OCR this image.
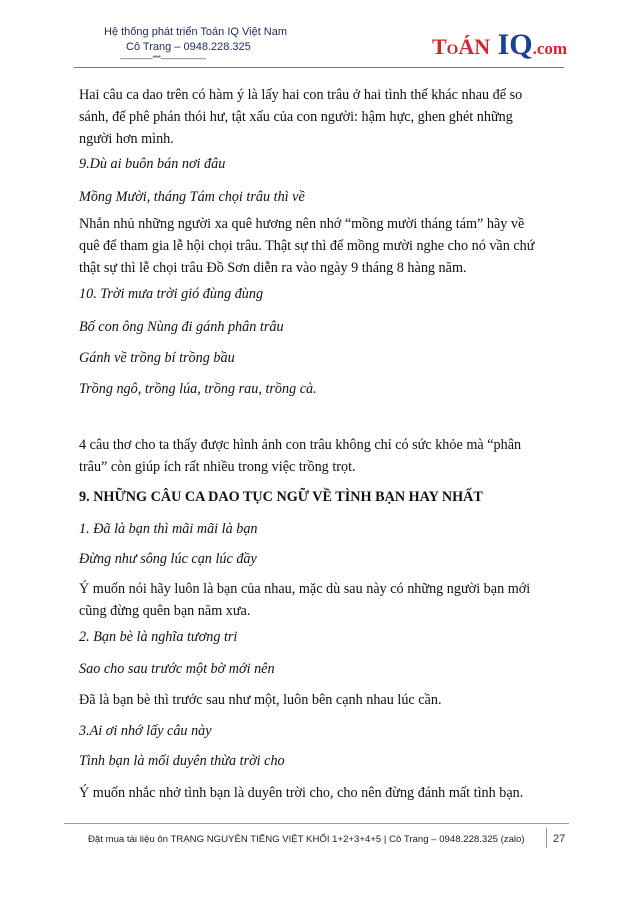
Hệ thống phát triển Toán IQ Việt Nam
Cô Trang – 0948.228.325
---------------***---------------------	ToÁN IQ.com
Hai câu ca dao trên có hàm ý là lấy hai con trâu ở hai tình thế khác nhau để so
sánh, để phê phán thói hư, tật xấu của con người: hậm hực, ghen ghét những
người hơn mình.
9.Dù ai buôn bán nơi đâu
Mồng Mười, tháng Tám chọi trâu thì về
Nhắn nhủ những người xa quê hương nên nhớ “mồng mười tháng tám” hãy về
quê để tham gia lễ hội chọi trâu. Thật sự thì để mồng mười nghe cho nó vần chứ
thật sự thì lễ chọi trâu Đồ Sơn diễn ra vào ngày 9 tháng 8 hàng năm.
10. Trời mưa trời gió đùng đùng
Bố con ông Nùng đi gánh phân trâu
Gánh về trồng bí trồng bầu
Trồng ngô, trồng lúa, trồng rau, trồng cà.
4 câu thơ cho ta thấy được hình ảnh con trâu không chỉ có sức khỏe mà “phân
trâu” còn giúp ích rất nhiều trong việc trồng trọt.
9. NHỮNG CÂU CA DAO TỤC NGỮ VỀ TÌNH BẠN HAY NHẤT
1. Đã là bạn thì mãi mãi là bạn
Đừng như sông lúc cạn lúc đầy
Ý muốn nói hãy luôn là bạn của nhau, mặc dù sau này có những người bạn mới
cũng đừng quên bạn năm xưa.
2. Bạn bè là nghĩa tương tri
Sao cho sau trước một bờ mới nên
Đã là bạn bè thì trước sau như một, luôn bên cạnh nhau lúc cần.
3.Ai ơi nhớ lấy câu này
Tình bạn là mối duyên thừa trời cho
Ý muốn nhắc nhở tình bạn là duyên trời cho, cho nên đừng đánh mất tình bạn.
Đặt mua tài liệu ôn TRẠNG NGUYÊN TIẾNG VIỆT KHỐI 1+2+3+4+5 | Cô Trang – 0948.228.325 (zalo)	27
